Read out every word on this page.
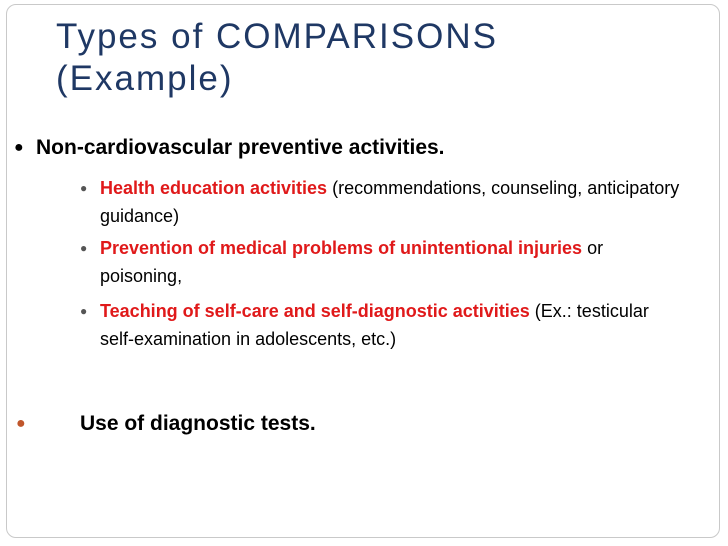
Types of COMPARISONS
(Example)
● Non-cardiovascular preventive activities.
● Health education activities (recommendations, counseling, anticipatory guidance)
● Prevention of medical problems of unintentional injuries or poisoning,
● Teaching of self-care and self-diagnostic activities (Ex.: testicular self-examination in adolescents, etc.)
●	Use of diagnostic tests.
